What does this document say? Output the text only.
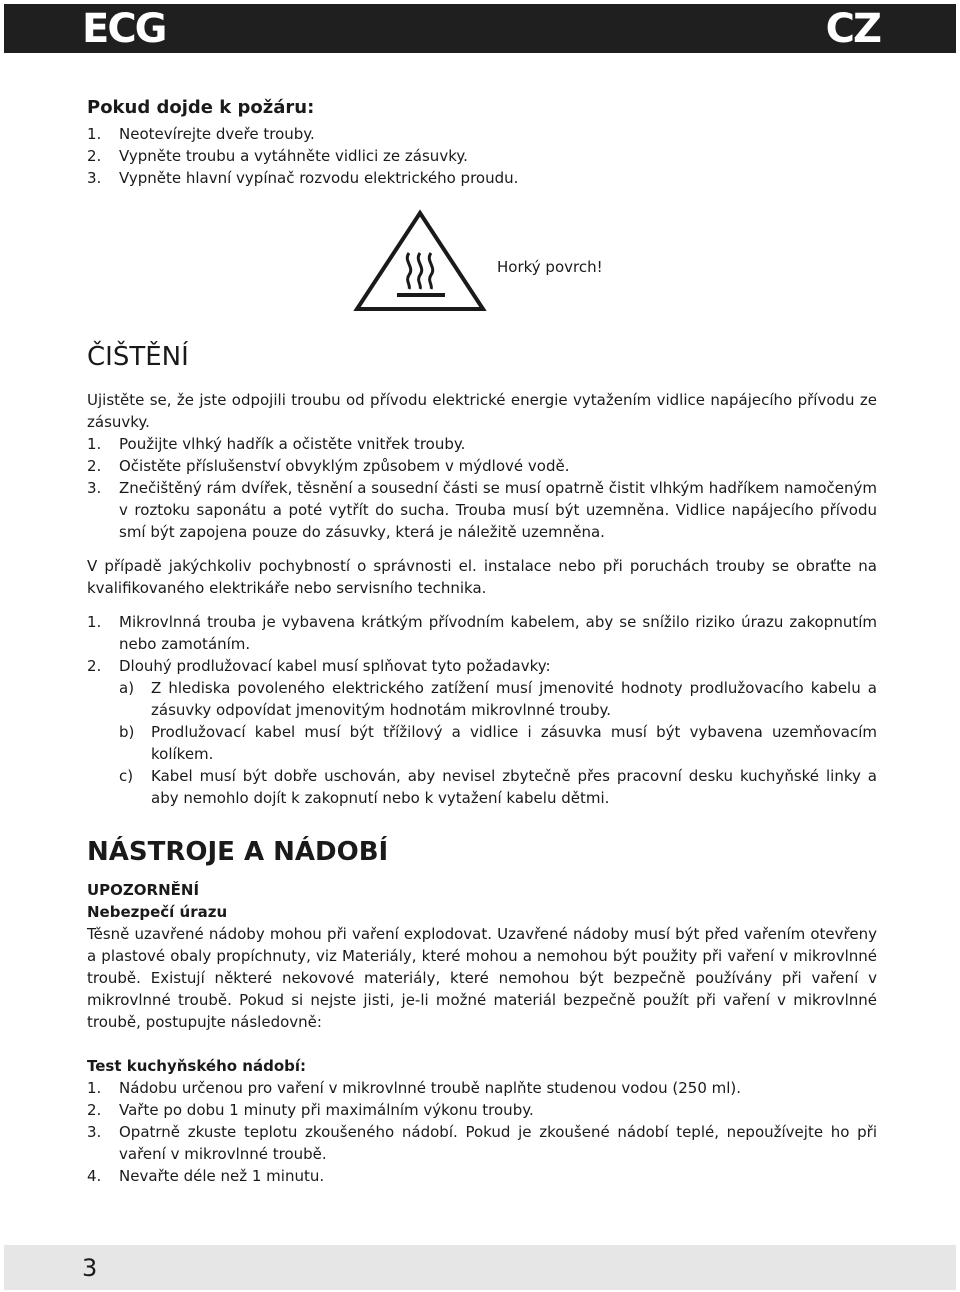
ECG	CZ
Pokud dojde k požáru:
1.	Neotevírejte dveře trouby.
2.	Vypněte troubu a vytáhněte vidlici ze zásuvky.
3.	Vypněte hlavní vypínač rozvodu elektrického proudu.
Horký povrch!
ČIŠTĚNÍ
Ujistěte se, že jste odpojili troubu od přívodu elektrické energie vytažením vidlice napájecího přívodu ze zásuvky.
1.	Použijte vlhký hadřík a očistěte vnitřek trouby.
2.	Očistěte příslušenství obvyklým způsobem v mýdlové vodě.
3.	Znečištěný rám dvířek, těsnění a sousední části se musí opatrně čistit vlhkým hadříkem namočeným v roztoku saponátu a poté vytřít do sucha. Trouba musí být uzemněna. Vidlice napájecího přívodu smí být zapojena pouze do zásuvky, která je náležitě uzemněna.
V případě jakýchkoliv pochybností o správnosti el. instalace nebo při poruchách trouby se obraťte na kvalifikovaného elektrikáře nebo servisního technika.
1.	Mikrovlnná trouba je vybavena krátkým přívodním kabelem, aby se snížilo riziko úrazu zakopnutím nebo zamotáním.
2.	Dlouhý prodlužovací kabel musí splňovat tyto požadavky:
a)	Z hlediska povoleného elektrického zatížení musí jmenovité hodnoty prodlužovacího kabelu a zásuvky odpovídat jmenovitým hodnotám mikrovlnné trouby.
b)	Prodlužovací kabel musí být třížilový a vidlice i zásuvka musí být vybavena uzemňovacím kolíkem.
c)	Kabel musí být dobře uschován, aby nevisel zbytečně přes pracovní desku kuchyňské linky a aby nemohlo dojít k zakopnutí nebo k vytažení kabelu dětmi.
NÁSTROJE A NÁDOBÍ
UPOZORNĚNÍ
Nebezpečí úrazu
Těsně uzavřené nádoby mohou při vaření explodovat. Uzavřené nádoby musí být před vařením otevřeny a plastové obaly propíchnuty, viz Materiály, které mohou a nemohou být použity při vaření v mikrovlnné troubě. Existují některé nekovové materiály, které nemohou být bezpečně používány při vaření v mikrovlnné troubě. Pokud si nejste jisti, je-li možné materiál bezpečně použít při vaření v mikrovlnné troubě, postupujte následovně:
Test kuchyňského nádobí:
1.	Nádobu určenou pro vaření v mikrovlnné troubě naplňte studenou vodou (250 ml).
2.	Vařte po dobu 1 minuty při maximálním výkonu trouby.
3.	Opatrně zkuste teplotu zkoušeného nádobí. Pokud je zkoušené nádobí teplé, nepoužívejte ho při vaření v mikrovlnné troubě.
4.	Nevařte déle než 1 minutu.
3
